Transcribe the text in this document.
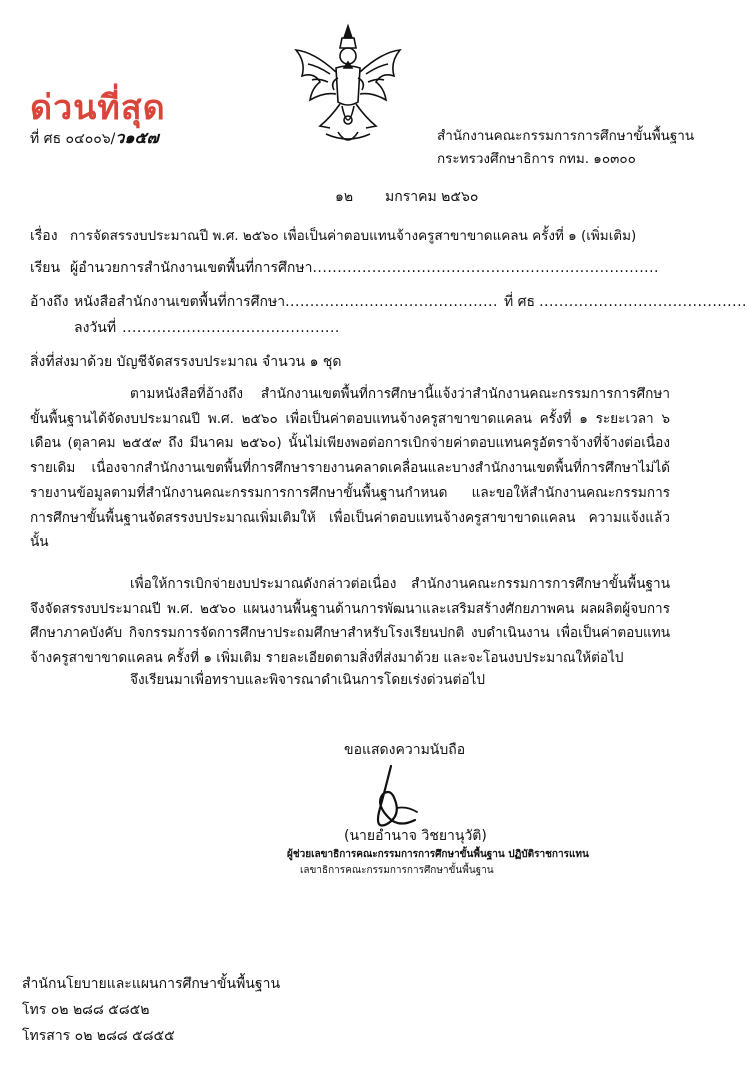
ด่วนที่สุด
ที่ ศธ ๐๔๐๐๖/ว๑๕๗	สำนักงานคณะกรรมการการศึกษาขั้นพื้นฐาน
กระทรวงศึกษาธิการ กทม. ๑๐๓๐๐
๑๒ มกราคม ๒๕๖๐
เรื่อง การจัดสรรงบประมาณปี พ.ศ. ๒๕๖๐ เพื่อเป็นค่าตอบแทนจ้างครูสาขาขาดแคลน ครั้งที่ ๑ (เพิ่มเติม)
เรียน ผู้อำนวยการสำนักงานเขตพื้นที่การศึกษา......................................................................
อ้างถึง หนังสือสำนักงานเขตพื้นที่การศึกษา........................................... ที่ ศธ ..........................................
ลงวันที่ ............................................
สิ่งที่ส่งมาด้วย บัญชีจัดสรรงบประมาณ จำนวน ๑ ชุด
ตามหนังสือที่อ้างถึง สำนักงานเขตพื้นที่การศึกษานี้แจ้งว่าสำนักงานคณะกรรมการการศึกษาขั้นพื้นฐานได้จัดงบประมาณปี พ.ศ. ๒๕๖๐ เพื่อเป็นค่าตอบแทนจ้างครูสาขาขาดแคลน ครั้งที่ ๑ ระยะเวลา ๖ เดือน (ตุลาคม ๒๕๕๙ ถึง มีนาคม ๒๕๖๐) นั้นไม่เพียงพอต่อการเบิกจ่ายค่าตอบแทนครูอัตราจ้างที่จ้างต่อเนื่องรายเดิม เนื่องจากสำนักงานเขตพื้นที่การศึกษารายงานคลาดเคลื่อนและบางสำนักงานเขตพื้นที่การศึกษาไม่ได้รายงานข้อมูลตามที่สำนักงานคณะกรรมการการศึกษาขั้นพื้นฐานกำหนด และขอให้สำนักงานคณะกรรมการการศึกษาขั้นพื้นฐานจัดสรรงบประมาณเพิ่มเติมให้ เพื่อเป็นค่าตอบแทนจ้างครูสาขาขาดแคลน ความแจ้งแล้วนั้น
เพื่อให้การเบิกจ่ายงบประมาณดังกล่าวต่อเนื่อง สำนักงานคณะกรรมการการศึกษาขั้นพื้นฐานจึงจัดสรรงบประมาณปี พ.ศ. ๒๕๖๐ แผนงานพื้นฐานด้านการพัฒนาและเสริมสร้างศักยภาพคน ผลผลิตผู้จบการศึกษาภาคบังคับ กิจกรรมการจัดการศึกษาประถมศึกษาสำหรับโรงเรียนปกติ งบดำเนินงาน เพื่อเป็นค่าตอบแทนจ้างครูสาขาขาดแคลน ครั้งที่ ๑ เพิ่มเติม รายละเอียดตามสิ่งที่ส่งมาด้วย และจะโอนงบประมาณให้ต่อไป
จึงเรียนมาเพื่อทราบและพิจารณาดำเนินการโดยเร่งด่วนต่อไป
ขอแสดงความนับถือ
(นายอำนาจ วิชยานุวัติ)
ผู้ช่วยเลขาธิการคณะกรรมการการศึกษาขั้นพื้นฐาน ปฏิบัติราชการแทน
เลขาธิการคณะกรรมการการศึกษาขั้นพื้นฐาน
สำนักนโยบายและแผนการศึกษาขั้นพื้นฐาน
โทร ๐๒ ๒๘๘ ๕๘๕๒
โทรสาร ๐๒ ๒๘๘ ๕๘๕๕
